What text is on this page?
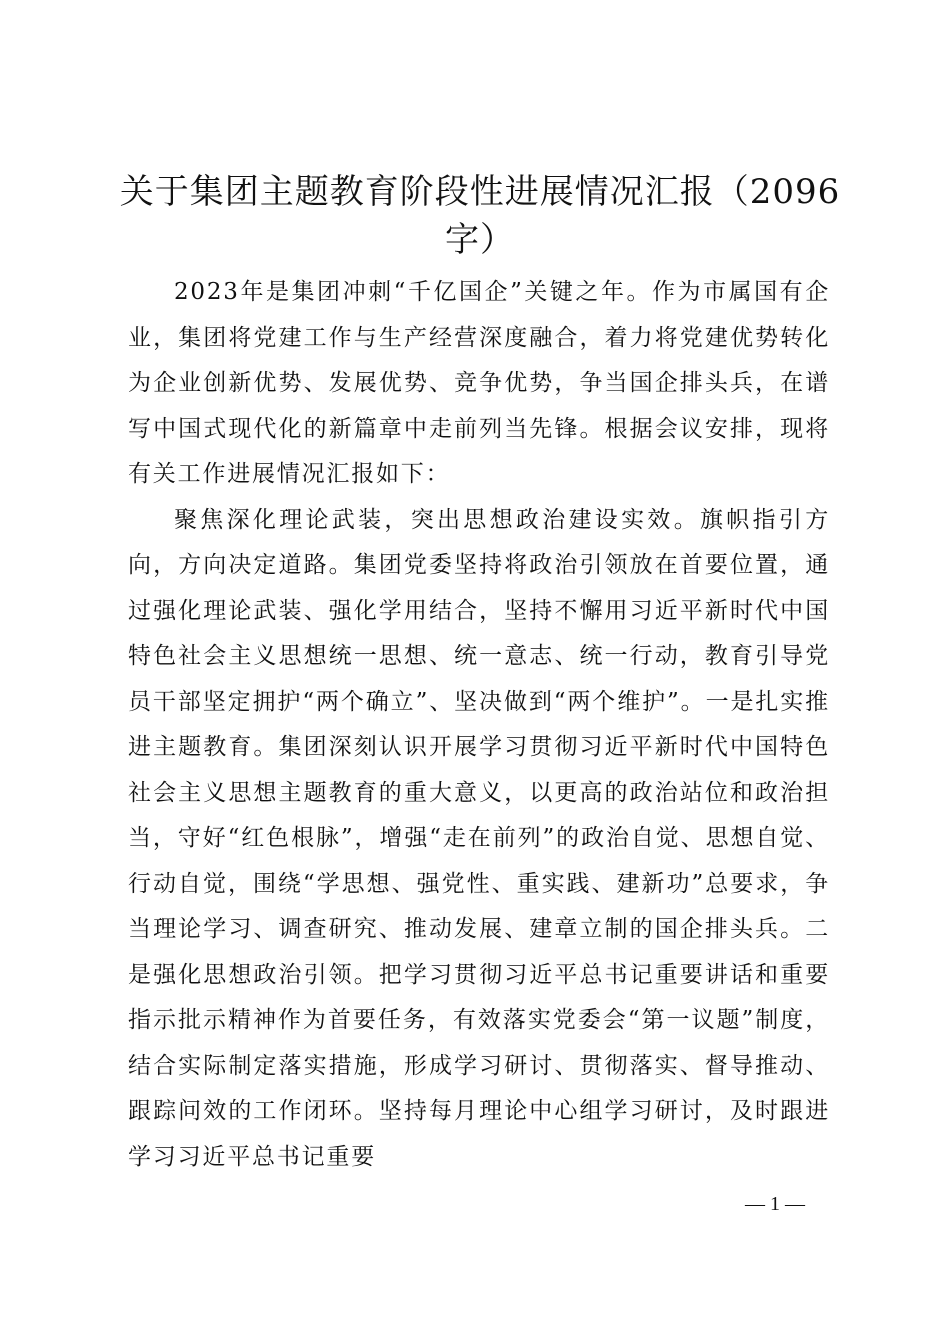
关于集团主题教育阶段性进展情况汇报（2096字）

2023年是集团冲刺“千亿国企”关键之年。作为市属国有企业，集团将党建工作与生产经营深度融合，着力将党建优势转化为企业创新优势、发展优势、竞争优势，争当国企排头兵，在谱写中国式现代化的新篇章中走前列当先锋。根据会议安排，现将有关工作进展情况汇报如下：

聚焦深化理论武装，突出思想政治建设实效。旗帜指引方向，方向决定道路。集团党委坚持将政治引领放在首要位置，通过强化理论武装、强化学用结合，坚持不懈用习近平新时代中国特色社会主义思想统一思想、统一意志、统一行动，教育引导党员干部坚定拥护“两个确立”、坚决做到“两个维护”。一是扎实推进主题教育。集团深刻认识开展学习贯彻习近平新时代中国特色社会主义思想主题教育的重大意义，以更高的政治站位和政治担当，守好“红色根脉”，增强“走在前列”的政治自觉、思想自觉、行动自觉，围绕“学思想、强党性、重实践、建新功”总要求，争当理论学习、调查研究、推动发展、建章立制的国企排头兵。二是强化思想政治引领。把学习贯彻习近平总书记重要讲话和重要指示批示精神作为首要任务，有效落实党委会“第一议题”制度，结合实际制定落实措施，形成学习研讨、贯彻落实、督导推动、跟踪问效的工作闭环。坚持每月理论中心组学习研讨，及时跟进学习习近平总书记重要

— 1 —
